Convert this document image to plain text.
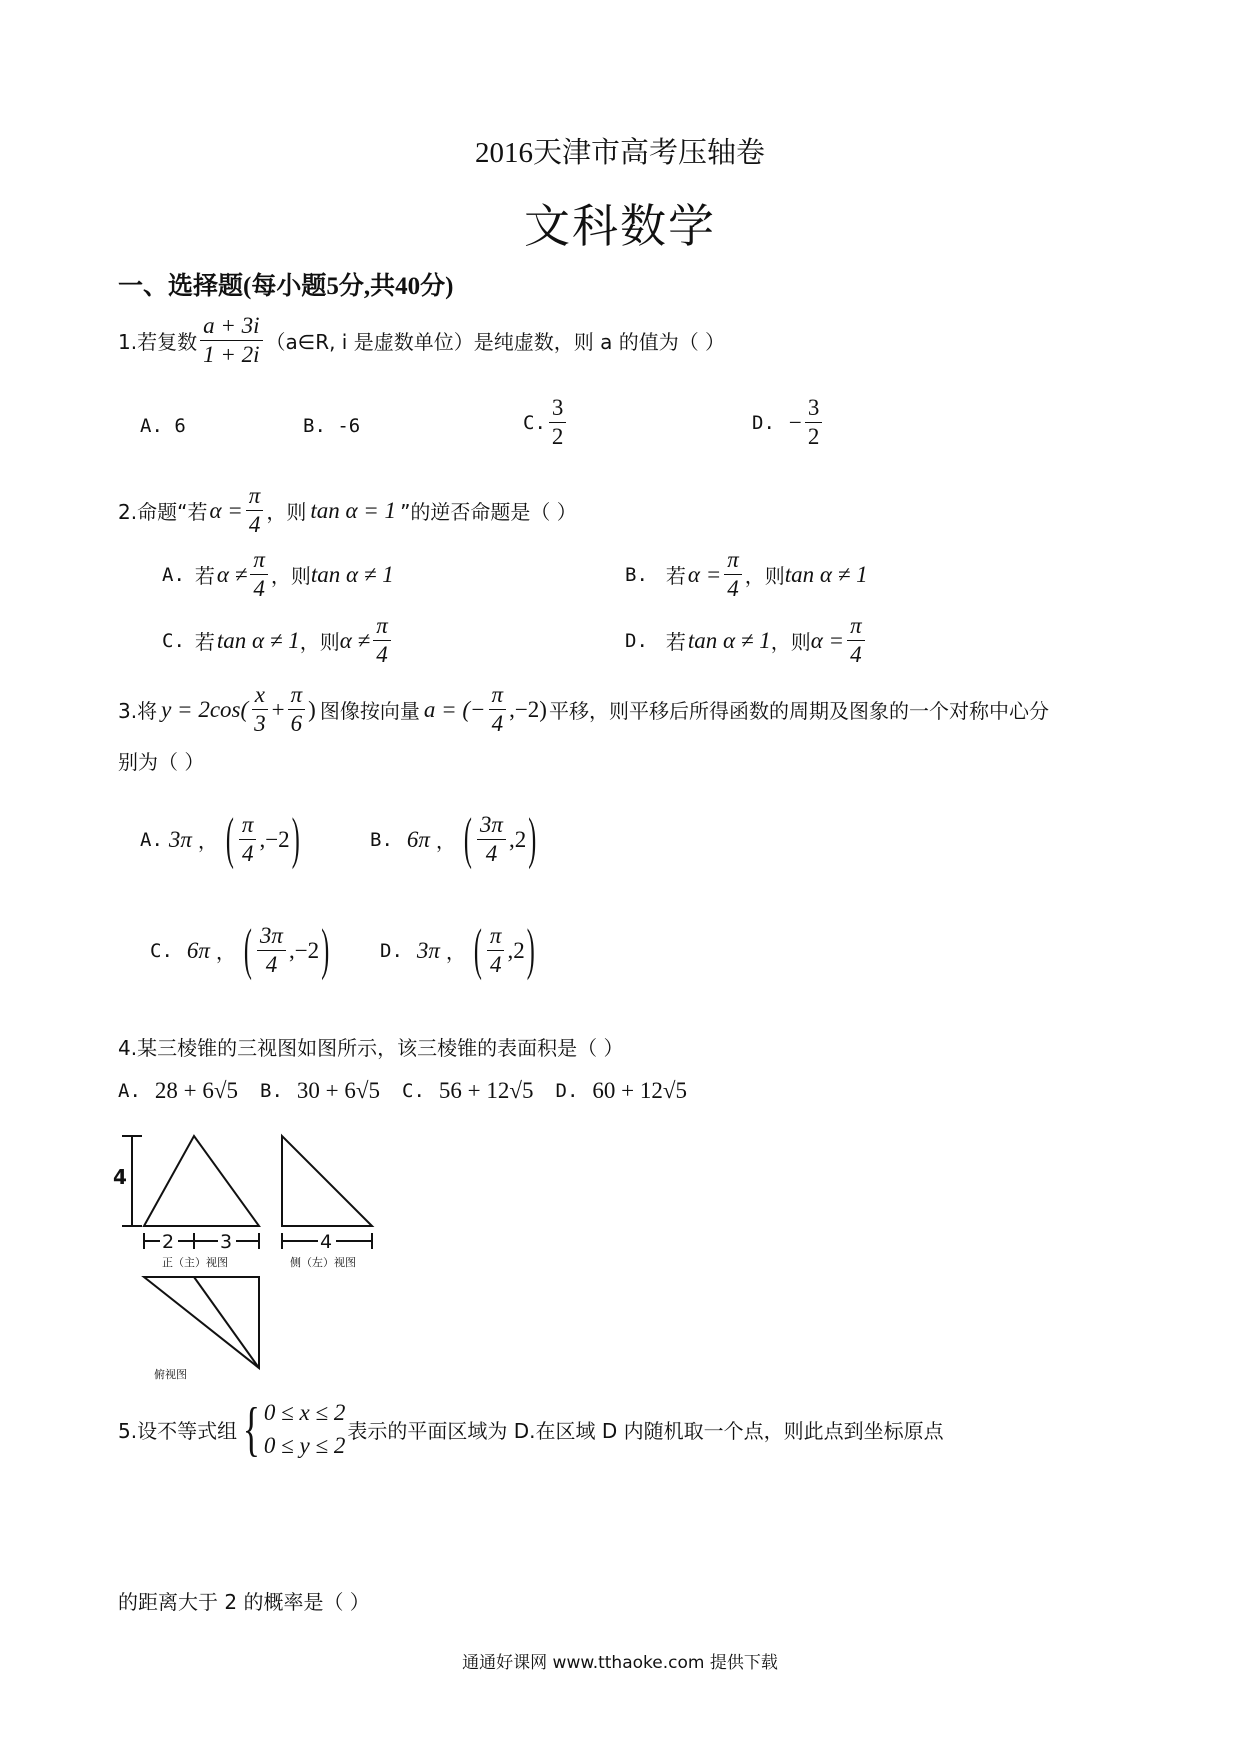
2016天津市高考压轴卷
文科数学
一、选择题(每小题5分,共40分)
1.若复数 $\frac{a + 3i}{1 + 2i}$ （a∈R, i 是虚数单位）是纯虚数，则 a 的值为（ ）
A. 6	B. -6	C. $\frac{3}{2}$	D. − $\frac{3}{2}$
2.命题“若 $\alpha = \frac{\pi}{4}$ ，则 tan α = 1 ”的逆否命题是（ ）
A. 若 $\alpha \ne \frac{\pi}{4}$ ，则 tan α ≠ 1	B. 若 $\alpha = \frac{\pi}{4}$ ，则 tan α ≠ 1
C. 若 tan α ≠ 1 ，则 $\alpha \ne \frac{\pi}{4}$	D. 若 tan α ≠ 1 ，则 $\alpha = \frac{\pi}{4}$
3.将 $y = 2\cos( \frac{x}{3} + \frac{\pi}{6}$ ) 图像按向量 a = (− $\frac{\pi}{4} ,-2$) 平移，则平移后所得函数的周期及图象的一个对称中心分
别为（ ）
A. 3π ， ( $\frac{\pi}{4} ,-2$ )	B. 6π ， ( $\frac{3\pi}{4} ,2$ )
C. 6π ， ( $\frac{3\pi}{4} ,-2$ )	D. 3π ， ( $\frac{\pi}{4} ,2$ )
4.某三棱锥的三视图如图所示，该三棱锥的表面积是（ ）
A. 28 + 6√5 B. 30 + 6√5 C. 56 + 12√5 D. 60 + 12√5
4
2 3	4
正（主）视图	侧（左）视图
俯视图
5.设不等式组 { 0 ≤ x ≤ 2
0 ≤ y ≤ 2
表示的平面区域为 D.在区域 D 内随机取一个点，则此点到坐标原点
的距离大于 2 的概率是（ ）
通通好课网 www.tthaoke.com 提供下载
